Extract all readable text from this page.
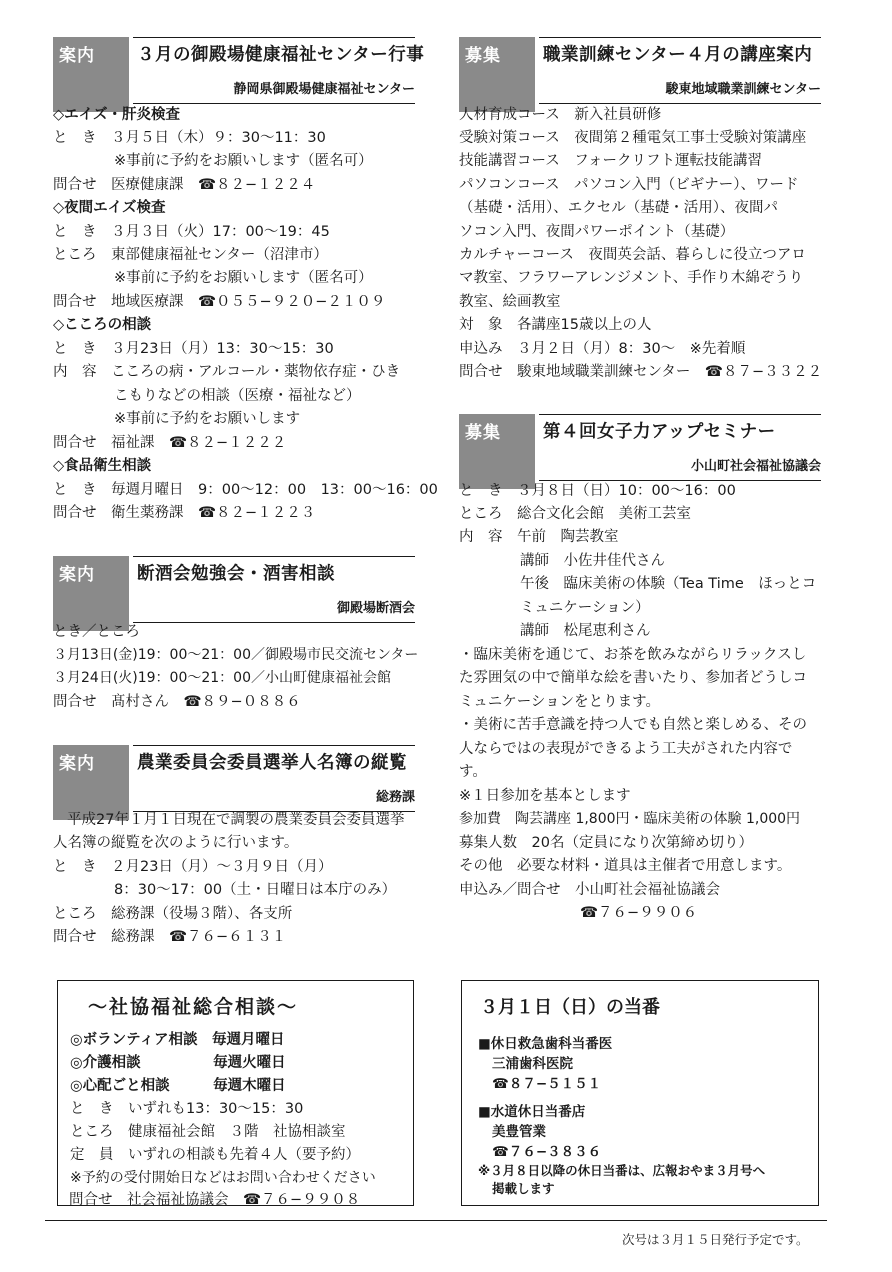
案内	３月の御殿場健康福祉センター行事
静岡県御殿場健康福祉センター
◇エイズ・肝炎検査
と　き　３月５日（木）９：30〜11：30
※事前に予約をお願いします（匿名可）
問合せ　医療健康課　☎８２−１２２４
◇夜間エイズ検査
と　き　３月３日（火）17：00〜19：45
ところ　東部健康福祉センター（沼津市）
※事前に予約をお願いします（匿名可）
問合せ　地域医療課　☎０５５−９２０−２１０９
◇こころの相談
と　き　３月23日（月）13：30〜15：30
内　容　こころの病・アルコール・薬物依存症・ひき
こもりなどの相談（医療・福祉など）
※事前に予約をお願いします
問合せ　福祉課　☎８２−１２２２
◇食品衛生相談
と　き　毎週月曜日　9：00〜12：00　13：00〜16：00
問合せ　衛生薬務課　☎８２−１２２３
案内	断酒会勉強会・酒害相談
御殿場断酒会
とき／ところ
３月13日(金)19：00〜21：00／御殿場市民交流センター
３月24日(火)19：00〜21：00／小山町健康福祉会館
問合せ　髙村さん　☎８９−０８８６
案内	農業委員会委員選挙人名簿の縦覧
総務課
平成27年１月１日現在で調製の農業委員会委員選挙
人名簿の縦覧を次のように行います。
と　き　２月23日（月）〜３月９日（月）
8：30〜17：00（土・日曜日は本庁のみ）
ところ　総務課（役場３階）、各支所
問合せ　総務課　☎７６−６１３１
〜社協福祉総合相談〜
◎ボランティア相談　毎週月曜日
◎介護相談　　　　　毎週火曜日
◎心配ごと相談　　　毎週木曜日
と　き　いずれも13：30〜15：30
ところ　健康福祉会館　３階　社協相談室
定　員　いずれの相談も先着４人（要予約）
※予約の受付開始日などはお問い合わせください
問合せ　社会福祉協議会　☎７６−９９０８
募集	職業訓練センター４月の講座案内
駿東地域職業訓練センター
人材育成コース　新入社員研修
受験対策コース　夜間第２種電気工事士受験対策講座
技能講習コース　フォークリフト運転技能講習
パソコンコース　パソコン入門（ビギナー）、ワード
（基礎・活用）、エクセル（基礎・活用）、夜間パ
ソコン入門、夜間パワーポイント（基礎）
カルチャーコース　夜間英会話、暮らしに役立つアロ
マ教室、フラワーアレンジメント、手作り木綿ぞうり
教室、絵画教室
対　象　各講座15歳以上の人
申込み　３月２日（月）8：30〜　※先着順
問合せ　駿東地域職業訓練センター　☎８７−３３２２
募集	第４回女子力アップセミナー
小山町社会福祉協議会
と　き　３月８日（日）10：00〜16：00
ところ　総合文化会館　美術工芸室
内　容　午前　陶芸教室
講師　小佐井佳代さん
午後　臨床美術の体験（Tea Time　ほっとコ
ミュニケーション）
講師　松尾恵利さん
・臨床美術を通じて、お茶を飲みながらリラックスし
た雰囲気の中で簡単な絵を書いたり、参加者どうしコ
ミュニケーションをとります。
・美術に苦手意識を持つ人でも自然と楽しめる、その
人ならではの表現ができるよう工夫がされた内容で
す。
※１日参加を基本とします
参加費　陶芸講座 1,800円・臨床美術の体験 1,000円
募集人数　20名（定員になり次第締め切り）
その他　必要な材料・道具は主催者で用意します。
申込み／問合せ　小山町社会福祉協議会
☎７６−９９０６
３月１日（日）の当番
■休日救急歯科当番医
三浦歯科医院
☎８７−５１５１
■水道休日当番店
美豊管業
☎７６−３８３６
※３月８日以降の休日当番は、広報おやま３月号へ
掲載します
次号は３月１５日発行予定です。
